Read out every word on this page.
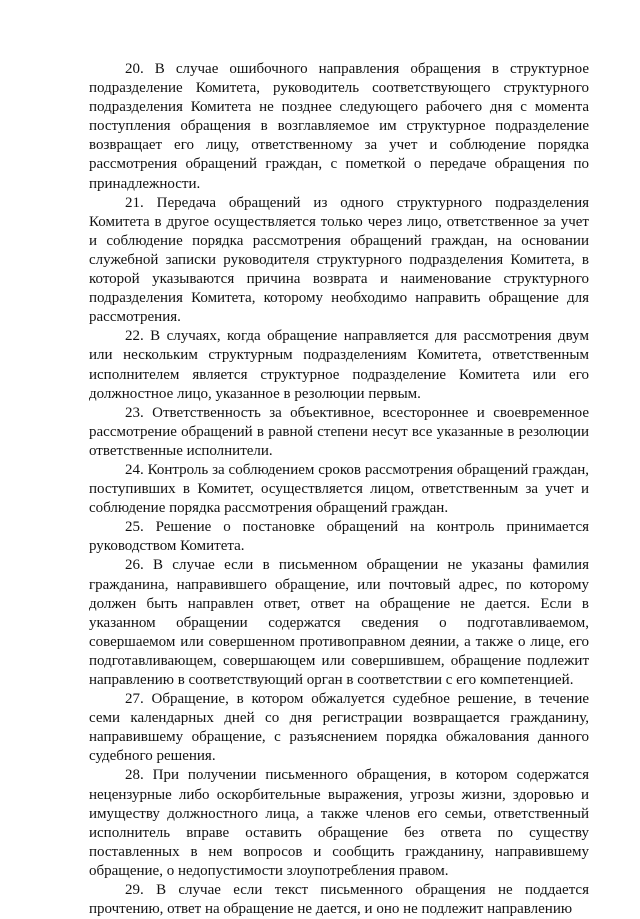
20. В случае ошибочного направления обращения в структурное подразделение Комитета, руководитель соответствующего структурного подразделения Комитета не позднее следующего рабочего дня с момента поступления обращения в возглавляемое им структурное подразделение возвращает его лицу, ответственному за учет и соблюдение порядка рассмотрения обращений граждан, с пометкой о передаче обращения по принадлежности.

21. Передача обращений из одного структурного подразделения Комитета в другое осуществляется только через лицо, ответственное за учет и соблюдение порядка рассмотрения обращений граждан, на основании служебной записки руководителя структурного подразделения Комитета, в которой указываются причина возврата и наименование структурного подразделения Комитета, которому необходимо направить обращение для рассмотрения.

22. В случаях, когда обращение направляется для рассмотрения двум или нескольким структурным подразделениям Комитета, ответственным исполнителем является структурное подразделение Комитета или его должностное лицо, указанное в резолюции первым.

23. Ответственность за объективное, всестороннее и своевременное рассмотрение обращений в равной степени несут все указанные в резолюции ответственные исполнители.

24. Контроль за соблюдением сроков рассмотрения обращений граждан, поступивших в Комитет, осуществляется лицом, ответственным за учет и соблюдение порядка рассмотрения обращений граждан.

25. Решение о постановке обращений на контроль принимается руководством Комитета.

26. В случае если в письменном обращении не указаны фамилия гражданина, направившего обращение, или почтовый адрес, по которому должен быть направлен ответ, ответ на обращение не дается. Если в указанном обращении содержатся сведения о подготавливаемом, совершаемом или совершенном противоправном деянии, а также о лице, его подготавливающем, совершающем или совершившем, обращение подлежит направлению в соответствующий орган в соответствии с его компетенцией.

27. Обращение, в котором обжалуется судебное решение, в течение семи календарных дней со дня регистрации возвращается гражданину, направившему обращение, с разъяснением порядка обжалования данного судебного решения.

28. При получении письменного обращения, в котором содержатся нецензурные либо оскорбительные выражения, угрозы жизни, здоровью и имуществу должностного лица, а также членов его семьи, ответственный исполнитель вправе оставить обращение без ответа по существу поставленных в нем вопросов и сообщить гражданину, направившему обращение, о недопустимости злоупотребления правом.

29. В случае если текст письменного обращения не поддается прочтению, ответ на обращение не дается, и оно не подлежит направлению
